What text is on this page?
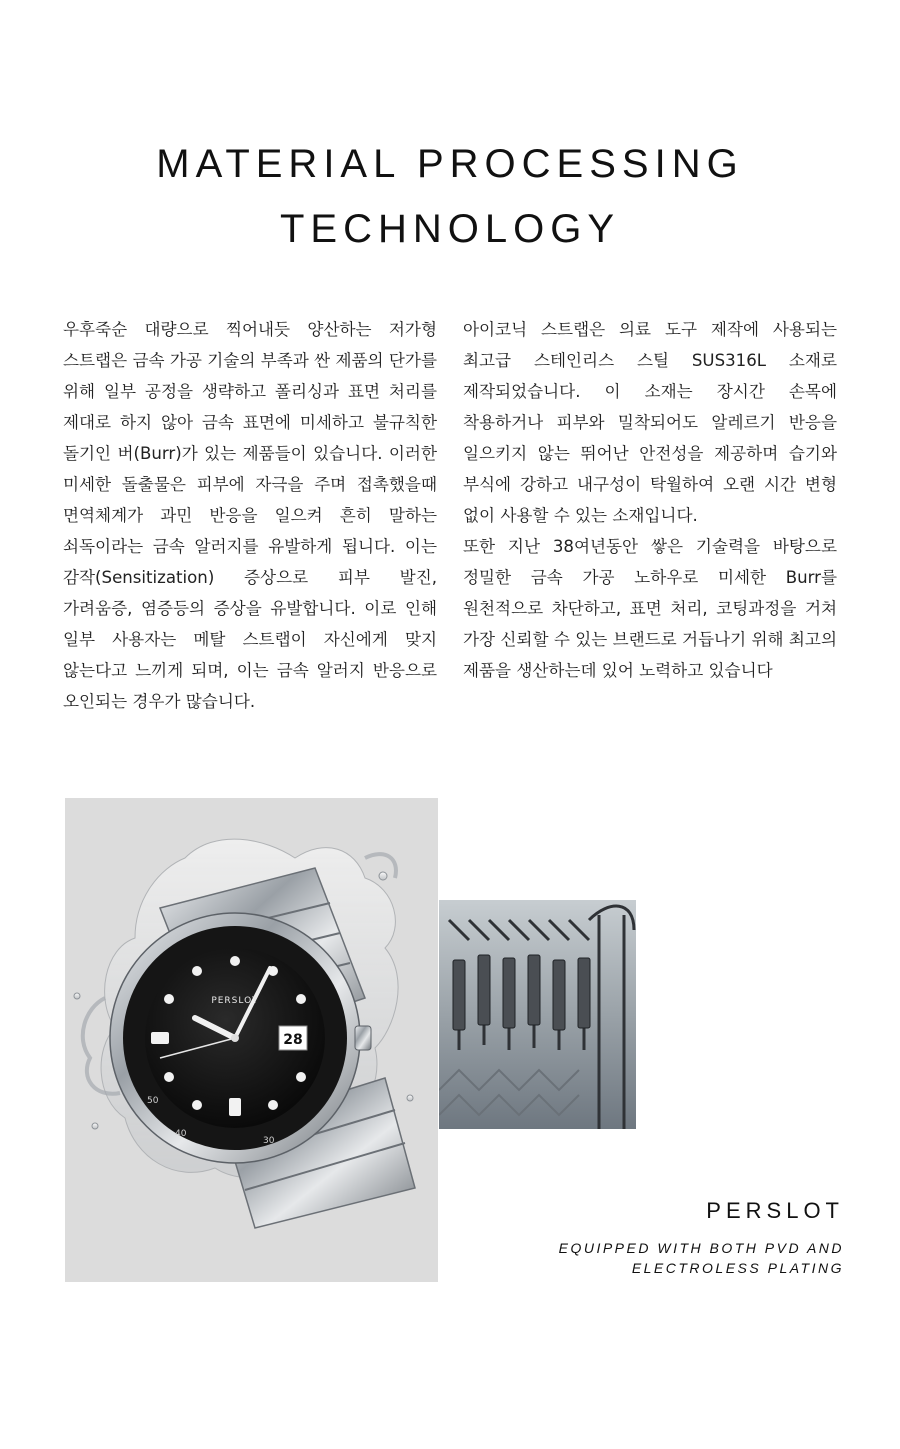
MATERIAL PROCESSING
TECHNOLOGY

우후죽순 대량으로 찍어내듯 양산하는 저가형 스트랩은 금속 가공 기술의 부족과 싼 제품의 단가를 위해 일부 공정을 생략하고 폴리싱과 표면 처리를 제대로 하지 않아 금속 표면에 미세하고 불규칙한 돌기인 버(Burr)가 있는 제품들이 있습니다. 이러한 미세한 돌출물은 피부에 자극을 주며 접촉했을때 면역체계가 과민 반응을 일으켜 흔히 말하는 쇠독이라는 금속 알러지를 유발하게 됩니다. 이는 감작(Sensitization) 증상으로 피부 발진, 가려움증, 염증등의 증상을 유발합니다. 이로 인해 일부 사용자는 메탈 스트랩이 자신에게 맞지 않는다고 느끼게 되며, 이는 금속 알러지 반응으로 오인되는 경우가 많습니다.

아이코닉 스트랩은 의료 도구 제작에 사용되는 최고급 스테인리스 스틸 SUS316L 소재로 제작되었습니다. 이 소재는 장시간 손목에 착용하거나 피부와 밀착되어도 알레르기 반응을 일으키지 않는 뛰어난 안전성을 제공하며 습기와 부식에 강하고 내구성이 탁월하여 오랜 시간 변형 없이 사용할 수 있는 소재입니다.

또한 지난 38여년동안 쌓은 기술력을 바탕으로 정밀한 금속 가공 노하우로 미세한 Burr를 원천적으로 차단하고, 표면 처리, 코팅과정을 거쳐 가장 신뢰할 수 있는 브랜드로 거듭나기 위해 최고의 제품을 생산하는데 있어 노력하고 있습니다

28
PERSLOT
50
40
30
PERSLOT
EQUIPPED WITH BOTH PVD AND
ELECTROLESS PLATING
